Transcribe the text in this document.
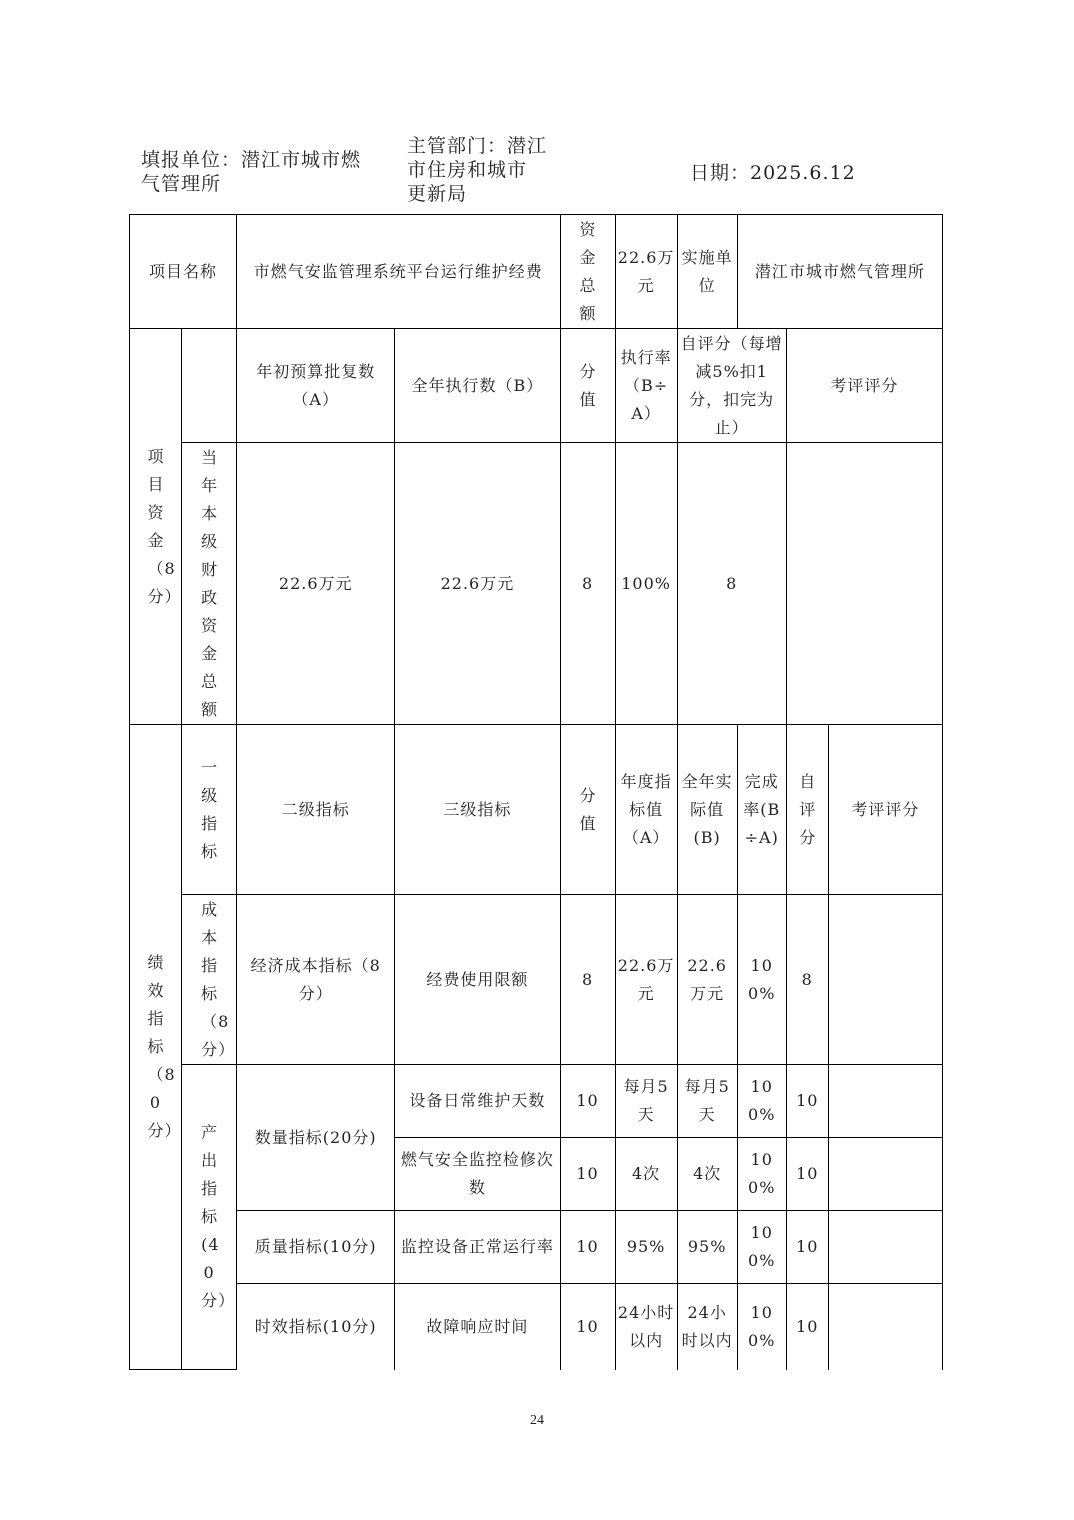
填报单位：潜江市城市燃
气管理所
主管部门：潜江
市住房和城市
更新局
日期：2025.6.12
项目名称		市燃气安监管理系统平台运行维护经费		资金总额	22.6万元	实施单位	潜江市城市燃气管理所		

项目资金（8分）		年初预算批复数（A）	全年执行数（B）	分值	执行率（B÷A）	自评分（每增减5%扣1分，扣完为止）		考评评分	

	当年本级财政资金总额	22.6万元	22.6万元	8	100%	8			

绩效指标（80分）	一级指标	二级指标	三级指标	分值	年度指标值（A）	全年实际值(B)	完成率(B÷A)	自评分	考评评分

	成本指标（8分）	经济成本指标（8分）	经费使用限额	8	22.6万元	22.6万元	100%	8	

	产出指标(40分）	数量指标(20分)	设备日常维护天数	10	每月5天	每月5天	100%	10	
			燃气安全监控检修次数	10	4次	4次	100%	10	
		质量指标(10分)	监控设备正常运行率	10	95%	95%	100%	10	
		时效指标(10分)	故障响应时间	10	24小时以内	24小时以内	100%	10	
24
